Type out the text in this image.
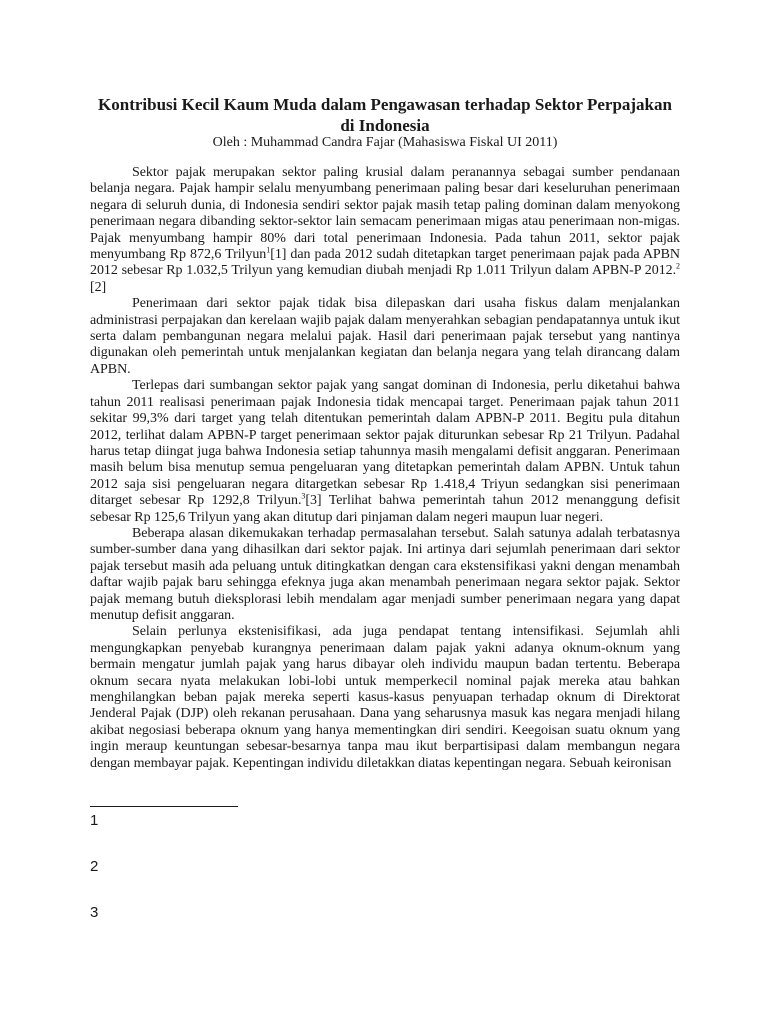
Kontribusi Kecil Kaum Muda dalam Pengawasan terhadap Sektor Perpajakan di Indonesia
Oleh : Muhammad Candra Fajar (Mahasiswa Fiskal UI 2011)

Sektor pajak merupakan sektor paling krusial dalam peranannya sebagai sumber pendanaan belanja negara. Pajak hampir selalu menyumbang penerimaan paling besar dari keseluruhan penerimaan negara di seluruh dunia, di Indonesia sendiri sektor pajak masih tetap paling dominan dalam menyokong penerimaan negara dibanding sektor-sektor lain semacam penerimaan migas atau penerimaan non-migas. Pajak menyumbang hampir 80% dari total penerimaan Indonesia. Pada tahun 2011, sektor pajak menyumbang Rp 872,6 Trilyun$^1$[1] dan pada 2012 sudah ditetapkan target penerimaan pajak pada APBN 2012 sebesar Rp 1.032,5 Trilyun yang kemudian diubah menjadi Rp 1.011 Trilyun dalam APBN-P 2012.$^2$ [2]

Penerimaan dari sektor pajak tidak bisa dilepaskan dari usaha fiskus dalam menjalankan administrasi perpajakan dan kerelaan wajib pajak dalam menyerahkan sebagian pendapatannya untuk ikut serta dalam pembangunan negara melalui pajak. Hasil dari penerimaan pajak tersebut yang nantinya digunakan oleh pemerintah untuk menjalankan kegiatan dan belanja negara yang telah dirancang dalam APBN.

Terlepas dari sumbangan sektor pajak yang sangat dominan di Indonesia, perlu diketahui bahwa tahun 2011 realisasi penerimaan pajak Indonesia tidak mencapai target. Penerimaan pajak tahun 2011 sekitar 99,3% dari target yang telah ditentukan pemerintah dalam APBN-P 2011. Begitu pula ditahun 2012, terlihat dalam APBN-P target penerimaan sektor pajak diturunkan sebesar Rp 21 Trilyun. Padahal harus tetap diingat juga bahwa Indonesia setiap tahunnya masih mengalami defisit anggaran. Penerimaan masih belum bisa menutup semua pengeluaran yang ditetapkan pemerintah dalam APBN. Untuk tahun 2012 saja sisi pengeluaran negara ditargetkan sebesar Rp 1.418,4 Triyun sedangkan sisi penerimaan ditarget sebesar Rp 1292,8 Trilyun.$^3$[3] Terlihat bahwa pemerintah tahun 2012 menanggung defisit sebesar Rp 125,6 Trilyun yang akan ditutup dari pinjaman dalam negeri maupun luar negeri.

Beberapa alasan dikemukakan terhadap permasalahan tersebut. Salah satunya adalah terbatasnya sumber-sumber dana yang dihasilkan dari sektor pajak. Ini artinya dari sejumlah penerimaan dari sektor pajak tersebut masih ada peluang untuk ditingkatkan dengan cara ekstensifikasi yakni dengan menambah daftar wajib pajak baru sehingga efeknya juga akan menambah penerimaan negara sektor pajak. Sektor pajak memang butuh dieksplorasi lebih mendalam agar menjadi sumber penerimaan negara yang dapat menutup defisit anggaran.

Selain perlunya ekstenisifikasi, ada juga pendapat tentang intensifikasi. Sejumlah ahli mengungkapkan penyebab kurangnya penerimaan dalam pajak yakni adanya oknum-oknum yang bermain mengatur jumlah pajak yang harus dibayar oleh individu maupun badan tertentu. Beberapa oknum secara nyata melakukan lobi-lobi untuk memperkecil nominal pajak mereka atau bahkan menghilangkan beban pajak mereka seperti kasus-kasus penyuapan terhadap oknum di Direktorat Jenderal Pajak (DJP) oleh rekanan perusahaan. Dana yang seharusnya masuk kas negara menjadi hilang akibat negosiasi beberapa oknum yang hanya mementingkan diri sendiri. Keegoisan suatu oknum yang ingin meraup keuntungan sebesar-besarnya tanpa mau ikut berpartisipasi dalam membangun negara dengan membayar pajak. Kepentingan individu diletakkan diatas kepentingan negara. Sebuah keironisan

1
2
3
